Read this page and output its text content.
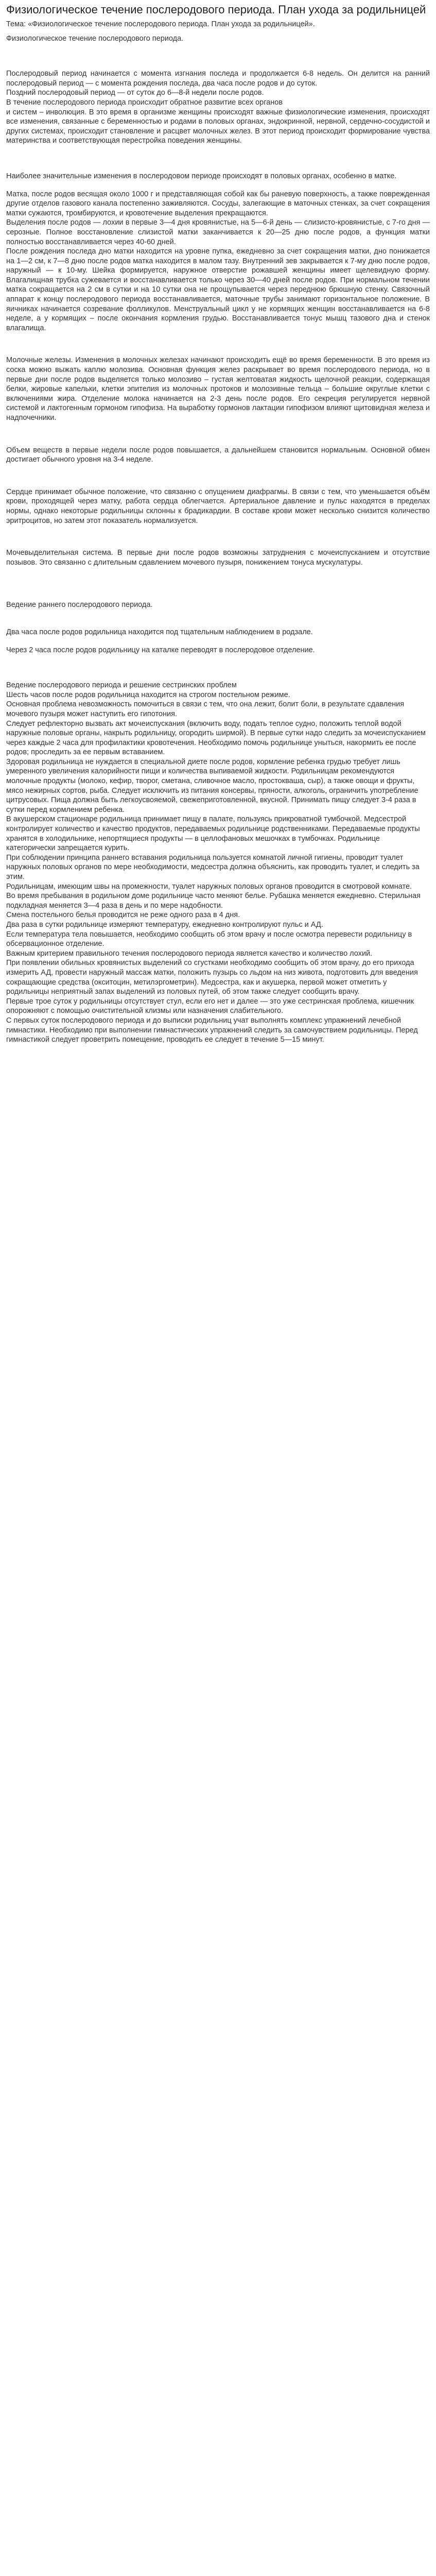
Физиологическое течение послеродового периода. План ухода за родильницей
Тема: «Физиологическое течение послеродового периода. План ухода за родильницей».
Физиологическое течение послеродового периода.

Послеродовый период начинается с момента изгнания последа и продолжается 6-8 недель. Он делится на ранний послеродовый период — с момента рождения последа, два часа после родов и до суток.

Поздний послеродовый период — от суток до 6—8-й недели после родов.

В течение послеродового периода происходит обратное развитие всех органов

и систем – инволюция. В это время в организме женщины происходят важные физиологические изменения, происходят все изменения, связанные с беременностью и родами в половых органах, эндокринной, нервной, сердечно-сосудистой и других системах, происходит становление и расцвет молочных желез. В этот период происходит формирование чувства материнства и соответствующая перестройка поведения женщины.

Наиболее значительные изменения в послеродовом периоде происходят в половых органах, особенно в матке.

Матка, после родов весящая около 1000 г и представляющая собой как бы раневую поверхность, а также поврежденная другие отделов газового канала постепенно заживляются. Сосуды, залегающие в маточных стенках, за счет сокращения матки сужаются, тромбируются, и кровотечение выделения прекращаются.

Выделения после родов — лохии в первые 3—4 дня кровянистые, на 5—6-й день — слизисто-кровянистые, с 7-го дня — серозные. Полное восстановление слизистой матки заканчивается к 20—25 дню после родов, а функция матки полностью восстанавливается через 40-60 дней.

После рождения последа дно матки находится на уровне пупка, ежедневно за счет сокращения матки, дно понижается на 1—2 см, к 7—8 дню после родов матка находится в малом тазу. Внутренний зев закрывается к 7-му дню после родов, наружный — к 10-му. Шейка формируется, наружное отверстие рожавшей женщины имеет щелевидную форму. Влагалищная трубка сужевается и восстанавливается только через 30—40 дней после родов. При нормальном течении матка сокращается на 2 см в сутки и на 10 сутки она не прощупывается через переднюю брюшную стенку. Связочный аппарат к концу послеродового периода восстанавливается, маточные трубы занимают горизонтальное положение. В яичниках начинается созревание фолликулов. Менструальный цикл у не кормящих женщин восстанавливается на 6-8 неделе, а у кормящих – после окончания кормления грудью. Восстанавливается тонус мышц тазового дна и стенок влагалища.

Молочные железы. Изменения в молочных железах начинают происходить ещё во время беременности. В это время из соска можно выжать каплю молозива. Основная функция желез раскрывает во время послеродового периода, но в первые дни после родов выделяется только молозиво – густая желтоватая жидкость щелочной реакции, содержащая белки, жировые капельки, клетки эпителия из молочных протоков и молозивные тельца – большие округлые клетки с включениями жира. Отделение молока начинается на 2-3 день после родов. Его секреция регулируется нервной системой и лактогенным гормоном гипофиза. На выработку гормонов лактации гипофизом влияют щитовидная железа и надпочечники.

Объем веществ в первые недели после родов повышается, а дальнейшем становится нормальным. Основной обмен достигает обычного уровня на 3-4 неделе.

Сердце принимает обычное положение, что связанно с опущением диафрагмы. В связи с тем, что уменьшается объём крови, проходящей через матку, работа сердца облегчается. Артериальное давление и пульс находятся в пределах нормы, однако некоторые родильницы склонны к брадикардии. В составе крови может несколько снизится количество эритроцитов, но затем этот показатель нормализуется.

Мочевыделительная система. В первые дни после родов возможны затруднения с мочеиспусканием и отсутствие позывов. Это связанно с длительным сдавлением мочевого пузыря, понижением тонуса мускулатуры.

Ведение раннего послеродового периода.

Два часа после родов родильница находится под тщательным наблюдением в родзале.

Через 2 часа после родов родильницу на каталке переводят в послеродовое отделение.

Ведение послеродового периода и решение сестринских проблем

Шесть часов после родов родильница находится на строгом постельном режиме.

Основная проблема невозможность помочиться в связи с тем, что она лежит, болит боли, в результате сдавления мочевого пузыря может наступить его гипотония.

Следует рефлекторно вызвать акт мочеиспускания (включить воду, подать теплое судно, положить теплой водой наружные половые органы, накрыть родильницу, огородить ширмой). В первые сутки надо следить за мочеиспусканием через каждые 2 часа для профилактики кровотечения. Необходимо помочь родильнице уныться, накормить ее после родов; проследить за ее первым вставанием.

Здоровая родильница не нуждается в специальной диете после родов, кормление ребенка грудью требует лишь умеренного увеличения калорийности пищи и количества выпиваемой жидкости. Родильницам рекомендуются молочные продукты (молоко, кефир, творог, сметана, сливочное масло, простокваша, сыр), а также овощи и фрукты, мясо нежирных сортов, рыба. Следует исключить из питания консервы, пряности, алкоголь, ограничить употребление цитрусовых. Пища должна быть легкоусвояемой, свежеприготовленной, вкусной. Принимать пищу следует 3-4 раза в сутки перед кормлением ребенка.

В акушерском стационаре родильница принимает пищу в палате, пользуясь прикроватной тумбочкой. Медсестрой контролирует количество и качество продуктов, передаваемых родильнице родственниками. Передаваемые продукты хранятся в холодильнике, непортящиеся продукты — в целлофановых мешочках в тумбочках. Родильнице категорически запрещается курить.

При соблюдении принципа раннего вставания родильница пользуется комнатой личной гигиены, проводит туалет наружных половых органов по мере необходимости, медсестра должна объяснить, как проводить туалет, и следить за этим.

Родильницам, имеющим швы на промежности, туалет наружных половых органов проводится в смотровой комнате.

Во время пребывания в родильном доме родильнице часто меняют белье. Рубашка меняется ежедневно. Стерильная подкладная меняется 3—4 раза в день и по мере надобности.

Смена постельного белья проводится не реже одного раза в 4 дня.

Два раза в сутки родильнице измеряют температуру, ежедневно контролируют пульс и АД.

Если температура тела повышается, необходимо сообщить об этом врачу и после осмотра перевести родильницу в обсервационное отделение.

Важным критерием правильного течения послеродового периода является качество и количество лохий.

При появлении обильных кровянистых выделений со сгустками необходимо сообщить об этом врачу, до его прихода измерить АД, провести наружный массаж матки, положить пузырь со льдом на низ живота, подготовить для введения сокращающие средства (окситоцин, метилэргометрин). Медсестра, как и акушерка, первой может отметить у родильницы неприятный запах выделений из половых путей, об этом также следует сообщить врачу.

Первые трое суток у родильницы отсутствует стул, если его нет и далее — это уже сестринская проблема, кишечник опорожняют с помощью очистительной клизмы или назначения слабительного.

С первых суток послеродового периода и до выписки родильниц учат выполнять комплекс упражнений лечебной гимнастики. Необходимо при выполнении гимнастических упражнений следить за самочувствием родильницы. Перед гимнастикой следует проветрить помещение, проводить ее следует в течение 5—15 минут.
